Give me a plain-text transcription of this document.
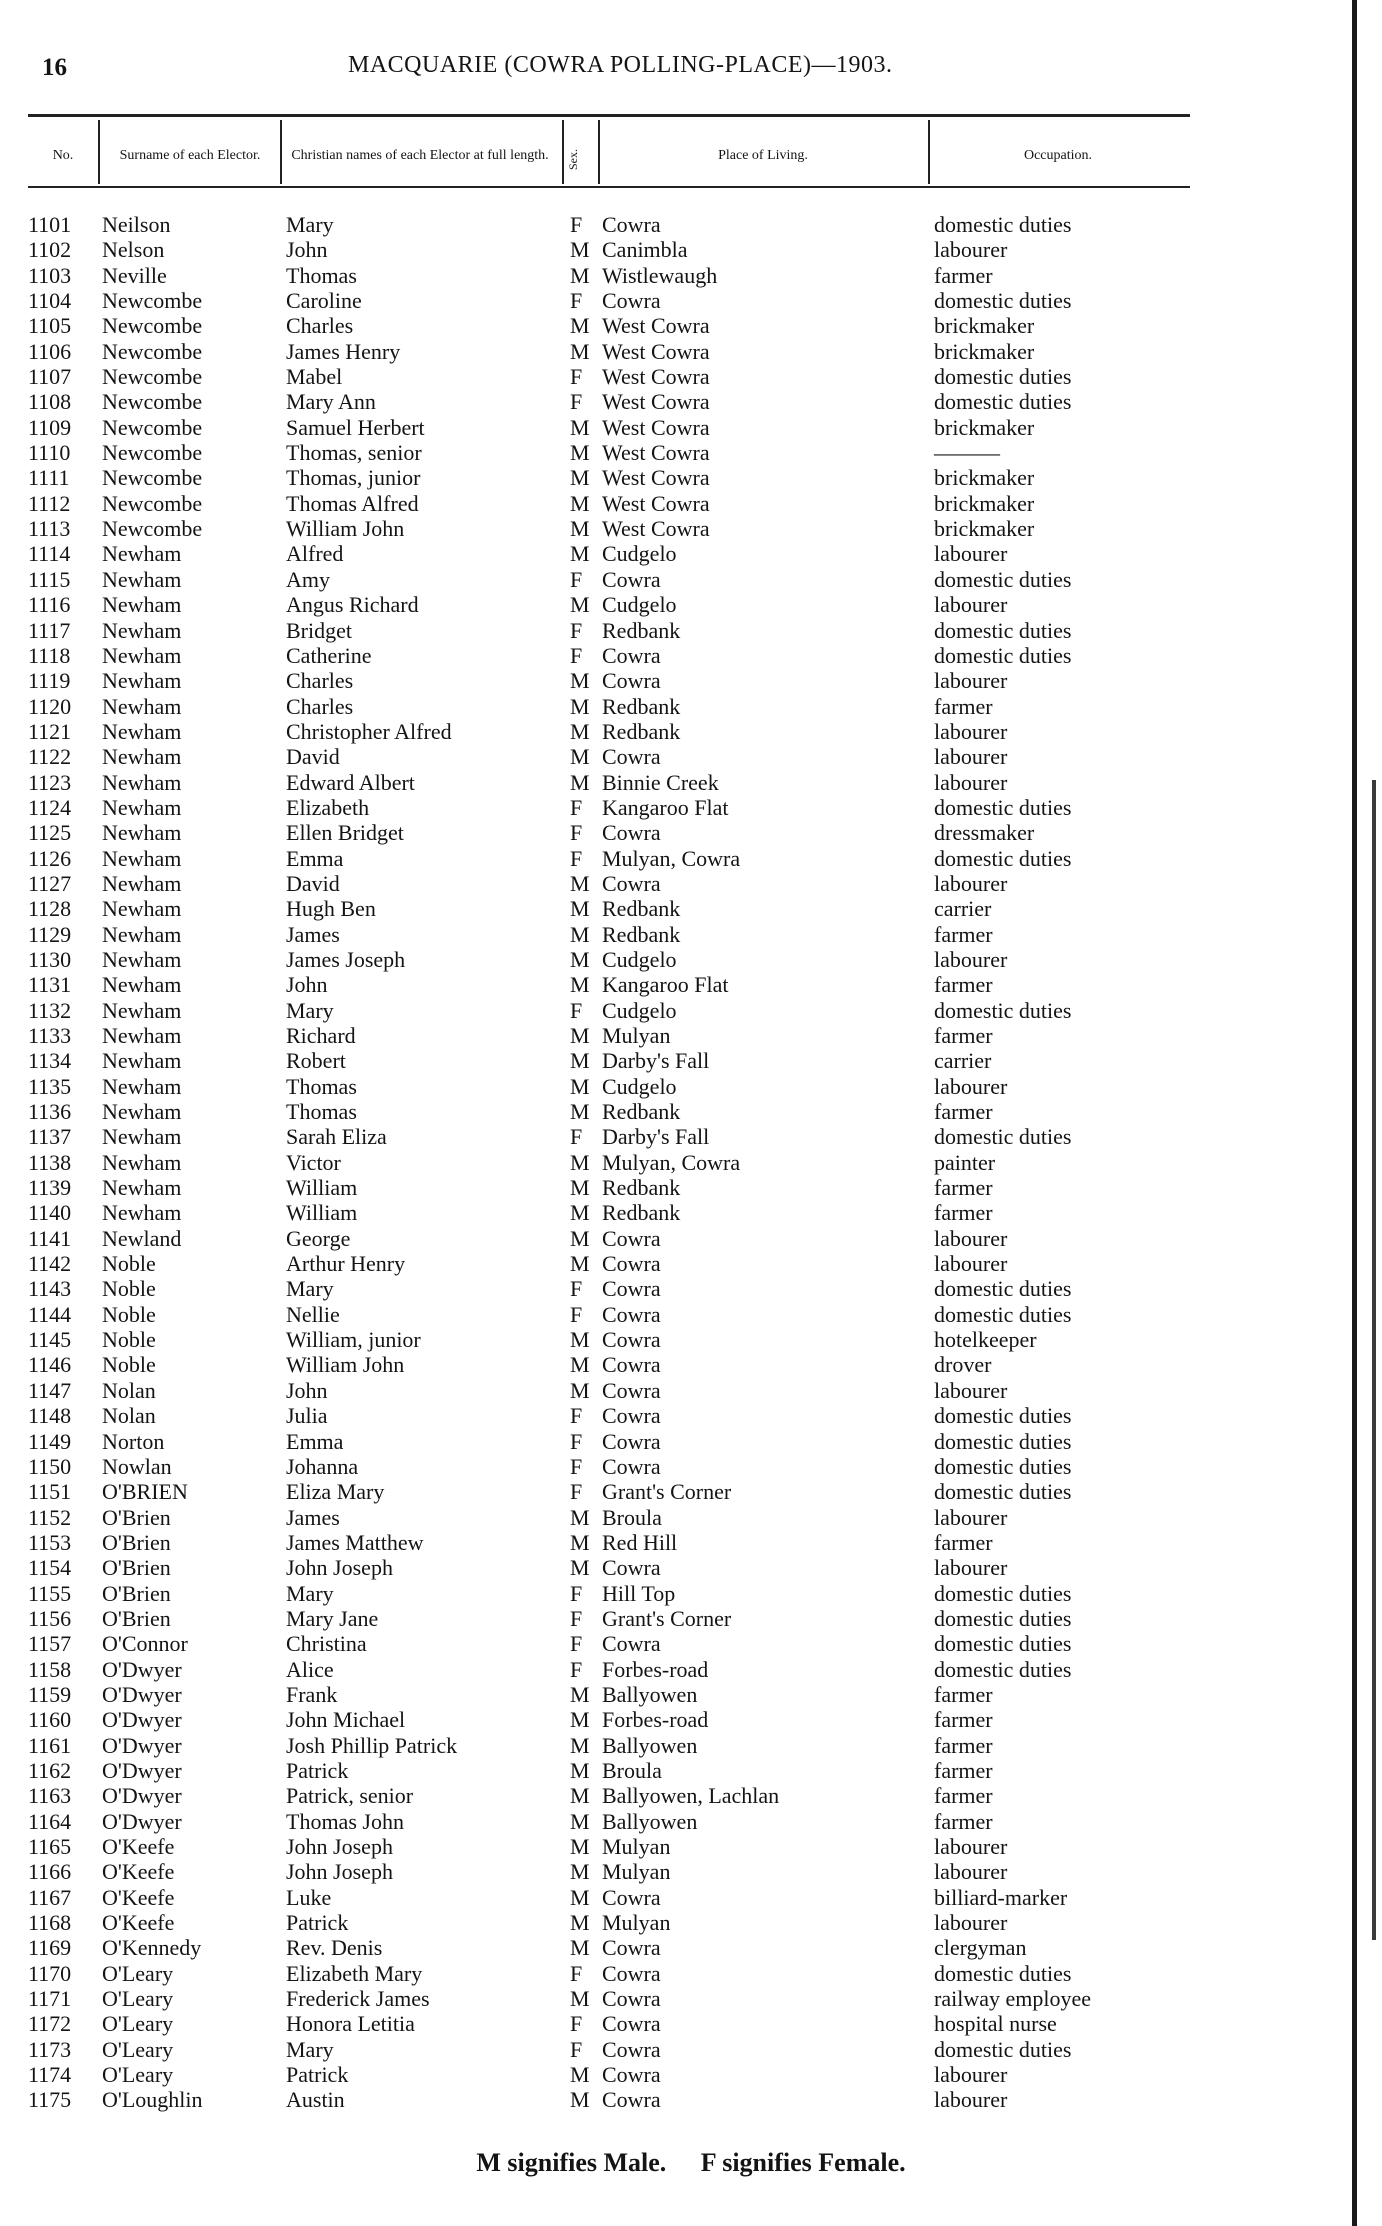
16	MACQUARIE (COWRA POLLING-PLACE)—1903.
No.	Surname of each Elector.	Christian names of each Elector at full length.	Sex.	Place of Living.	Occupation.
1101 Neilson	Mary	F Cowra	domestic duties
1102 Nelson	John	M Canimbla	labourer
1103 Neville	Thomas	M Wistlewaugh	farmer
1104 Newcombe	Caroline	F Cowra	domestic duties
1105 Newcombe	Charles	M West Cowra	brickmaker
1106 Newcombe	James Henry	M West Cowra	brickmaker
1107 Newcombe	Mabel	F West Cowra	domestic duties
1108 Newcombe	Mary Ann	F West Cowra	domestic duties
1109 Newcombe	Samuel Herbert	M West Cowra	brickmaker
1110 Newcombe	Thomas, senior	M West Cowra	———
1111 Newcombe	Thomas, junior	M West Cowra	brickmaker
1112 Newcombe	Thomas Alfred	M West Cowra	brickmaker
1113 Newcombe	William John	M West Cowra	brickmaker
1114 Newham	Alfred	M Cudgelo	labourer
1115 Newham	Amy	F Cowra	domestic duties
1116 Newham	Angus Richard	M Cudgelo	labourer
1117 Newham	Bridget	F Redbank	domestic duties
1118 Newham	Catherine	F Cowra	domestic duties
1119 Newham	Charles	M Cowra	labourer
1120 Newham	Charles	M Redbank	farmer
1121 Newham	Christopher Alfred	M Redbank	labourer
1122 Newham	David	M Cowra	labourer
1123 Newham	Edward Albert	M Binnie Creek	labourer
1124 Newham	Elizabeth	F Kangaroo Flat	domestic duties
1125 Newham	Ellen Bridget	F Cowra	dressmaker
1126 Newham	Emma	F Mulyan, Cowra	domestic duties
1127 Newham	David	M Cowra	labourer
1128 Newham	Hugh Ben	M Redbank	carrier
1129 Newham	James	M Redbank	farmer
1130 Newham	James Joseph	M Cudgelo	labourer
1131 Newham	John	M Kangaroo Flat	farmer
1132 Newham	Mary	F Cudgelo	domestic duties
1133 Newham	Richard	M Mulyan	farmer
1134 Newham	Robert	M Darby's Fall	carrier
1135 Newham	Thomas	M Cudgelo	labourer
1136 Newham	Thomas	M Redbank	farmer
1137 Newham	Sarah Eliza	F Darby's Fall	domestic duties
1138 Newham	Victor	M Mulyan, Cowra	painter
1139 Newham	William	M Redbank	farmer
1140 Newham	William	M Redbank	farmer
1141 Newland	George	M Cowra	labourer
1142 Noble	Arthur Henry	M Cowra	labourer
1143 Noble	Mary	F Cowra	domestic duties
1144 Noble	Nellie	F Cowra	domestic duties
1145 Noble	William, junior	M Cowra	hotelkeeper
1146 Noble	William John	M Cowra	drover
1147 Nolan	John	M Cowra	labourer
1148 Nolan	Julia	F Cowra	domestic duties
1149 Norton	Emma	F Cowra	domestic duties
1150 Nowlan	Johanna	F Cowra	domestic duties
1151 O'BRIEN	Eliza Mary	F Grant's Corner	domestic duties
1152 O'Brien	James	M Broula	labourer
1153 O'Brien	James Matthew	M Red Hill	farmer
1154 O'Brien	John Joseph	M Cowra	labourer
1155 O'Brien	Mary	F Hill Top	domestic duties
1156 O'Brien	Mary Jane	F Grant's Corner	domestic duties
1157 O'Connor	Christina	F Cowra	domestic duties
1158 O'Dwyer	Alice	F Forbes-road	domestic duties
1159 O'Dwyer	Frank	M Ballyowen	farmer
1160 O'Dwyer	John Michael	M Forbes-road	farmer
1161 O'Dwyer	Josh Phillip Patrick	M Ballyowen	farmer
1162 O'Dwyer	Patrick	M Broula	farmer
1163 O'Dwyer	Patrick, senior	M Ballyowen, Lachlan	farmer
1164 O'Dwyer	Thomas John	M Ballyowen	farmer
1165 O'Keefe	John Joseph	M Mulyan	labourer
1166 O'Keefe	John Joseph	M Mulyan	labourer
1167 O'Keefe	Luke	M Cowra	billiard-marker
1168 O'Keefe	Patrick	M Mulyan	labourer
1169 O'Kennedy	Rev. Denis	M Cowra	clergyman
1170 O'Leary	Elizabeth Mary	F Cowra	domestic duties
1171 O'Leary	Frederick James	M Cowra	railway employee
1172 O'Leary	Honora Letitia	F Cowra	hospital nurse
1173 O'Leary	Mary	F Cowra	domestic duties
1174 O'Leary	Patrick	M Cowra	labourer
1175 O'Loughlin	Austin	M Cowra	labourer
M signifies Male. F signifies Female.
